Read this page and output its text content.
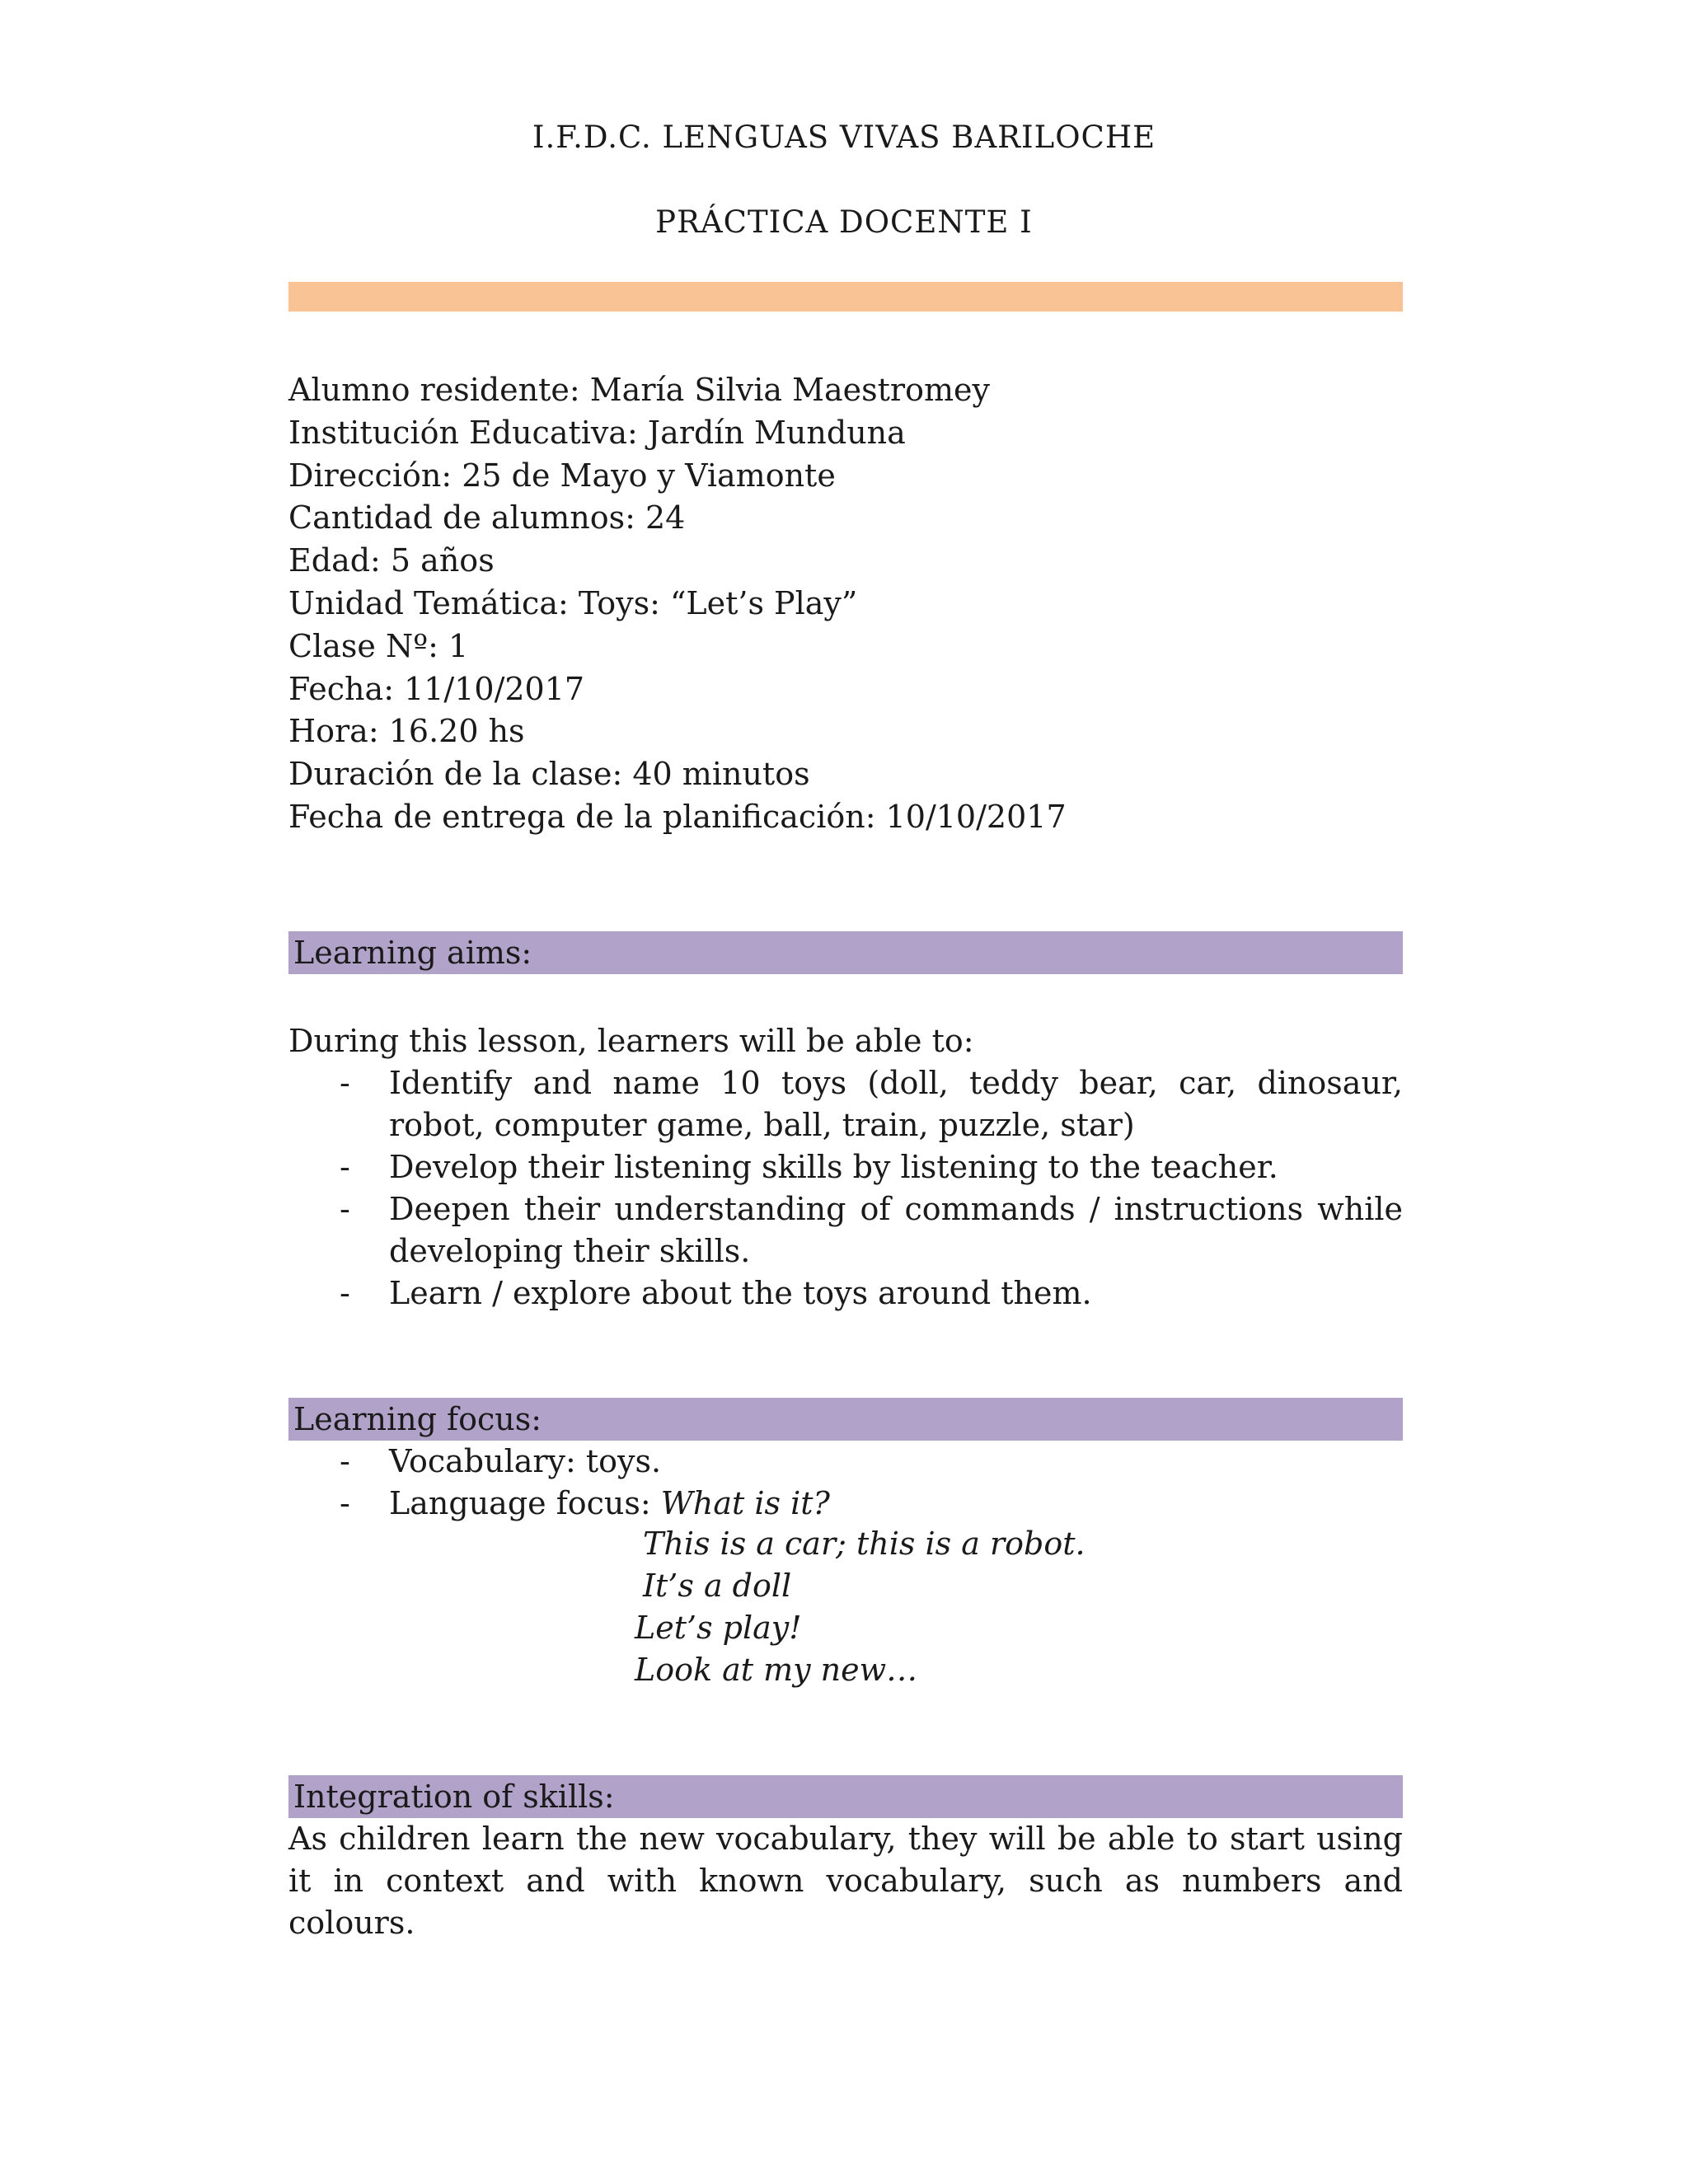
I.F.D.C. LENGUAS VIVAS BARILOCHE
PRÁCTICA DOCENTE I
Alumno residente: María Silvia Maestromey
Institución Educativa: Jardín Munduna
Dirección: 25 de Mayo y Viamonte
Cantidad de alumnos: 24
Edad: 5 años
Unidad Temática: Toys: “Let’s Play”
Clase Nº: 1
Fecha: 11/10/2017
Hora: 16.20 hs
Duración de la clase: 40 minutos
Fecha de entrega de la planificación: 10/10/2017
Learning aims:
During this lesson, learners will be able to:
- Identify and name 10 toys (doll, teddy bear, car, dinosaur, robot, computer game, ball, train, puzzle, star)
- Develop their listening skills by listening to the teacher.
- Deepen their understanding of commands / instructions while developing their skills.
- Learn / explore about the toys around them.
Learning focus:
- Vocabulary: toys.
- Language focus: What is it?
This is a car; this is a robot.
It’s a doll
Let’s play!
Look at my new…
Integration of skills:
As children learn the new vocabulary, they will be able to start using it in context and with known vocabulary, such as numbers and colours.
